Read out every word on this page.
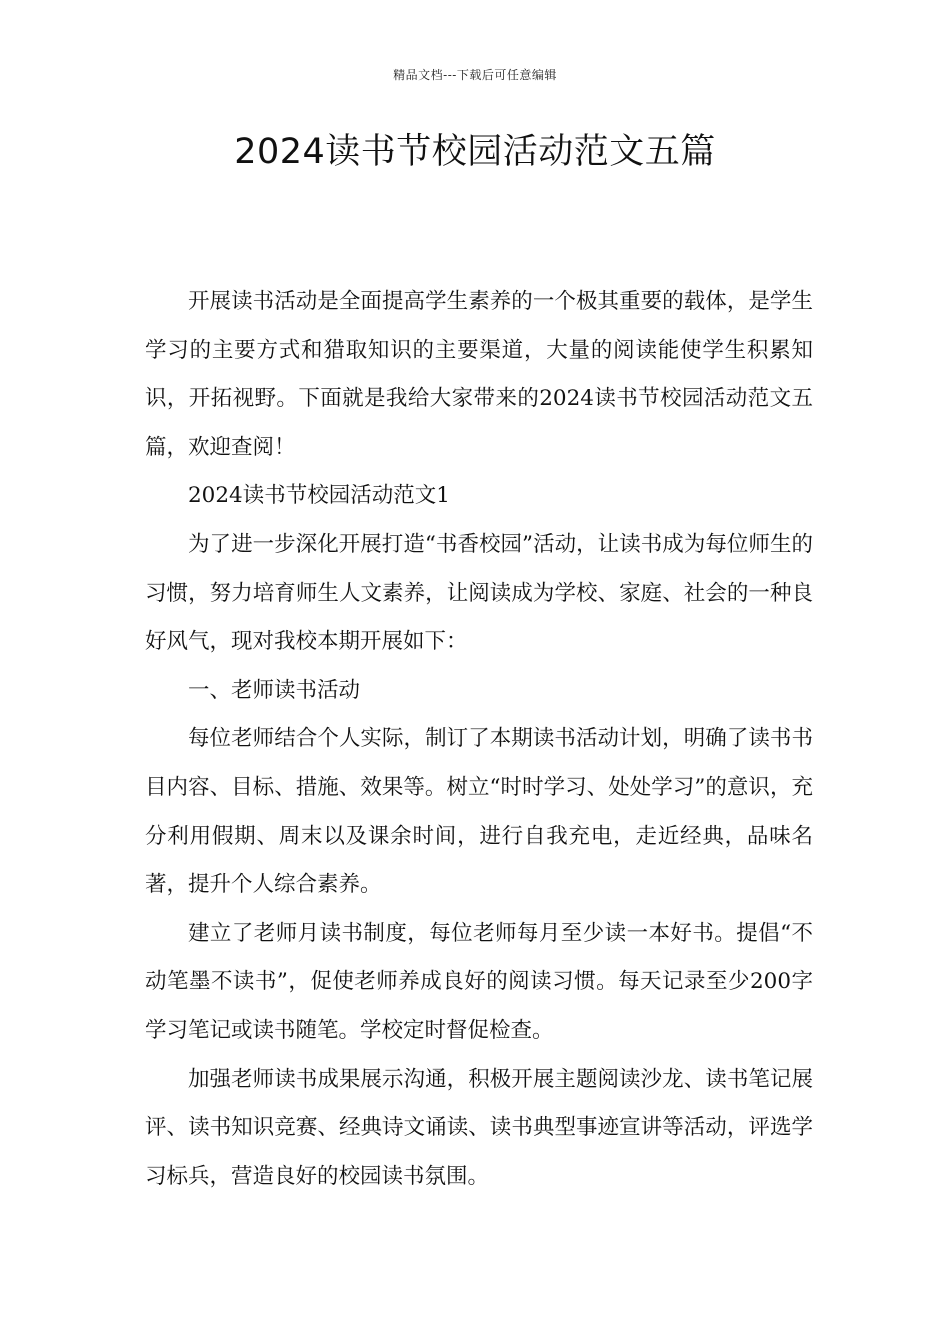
精品文档---下载后可任意编辑
2024读书节校园活动范文五篇

开展读书活动是全面提高学生素养的一个极其重要的载体，是学生学习的主要方式和猎取知识的主要渠道，大量的阅读能使学生积累知识，开拓视野。下面就是我给大家带来的2024读书节校园活动范文五篇，欢迎查阅！

2024读书节校园活动范文1

为了进一步深化开展打造“书香校园”活动，让读书成为每位师生的习惯，努力培育师生人文素养，让阅读成为学校、家庭、社会的一种良好风气，现对我校本期开展如下：

一、老师读书活动

每位老师结合个人实际，制订了本期读书活动计划，明确了读书书目内容、目标、措施、效果等。树立“时时学习、处处学习”的意识，充分利用假期、周末以及课余时间，进行自我充电，走近经典，品味名著，提升个人综合素养。

建立了老师月读书制度，每位老师每月至少读一本好书。提倡“不动笔墨不读书”，促使老师养成良好的阅读习惯。每天记录至少200字学习笔记或读书随笔。学校定时督促检查。

加强老师读书成果展示沟通，积极开展主题阅读沙龙、读书笔记展评、读书知识竞赛、经典诗文诵读、读书典型事迹宣讲等活动，评选学习标兵，营造良好的校园读书氛围。
